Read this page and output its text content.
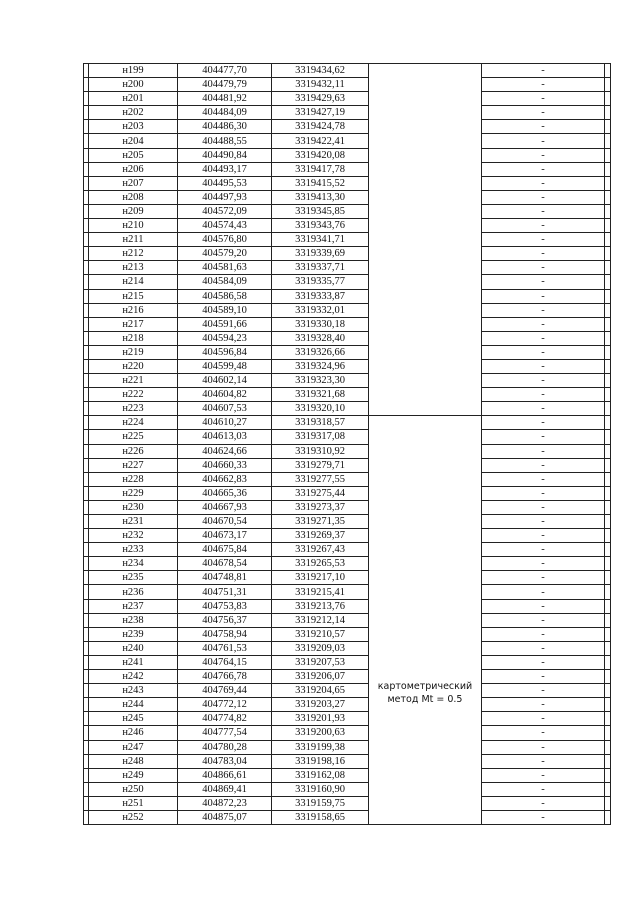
	н199	404477,70	3319434,62		-	
	н200	404479,79	3319432,11		-	
	н201	404481,92	3319429,63		-	
	н202	404484,09	3319427,19		-	
	н203	404486,30	3319424,78		-	
	н204	404488,55	3319422,41		-	
	н205	404490,84	3319420,08		-	
	н206	404493,17	3319417,78		-	
	н207	404495,53	3319415,52		-	
	н208	404497,93	3319413,30		-	
	н209	404572,09	3319345,85		-	
	н210	404574,43	3319343,76		-	
	н211	404576,80	3319341,71		-	
	н212	404579,20	3319339,69		-	
	н213	404581,63	3319337,71		-	
	н214	404584,09	3319335,77		-	
	н215	404586,58	3319333,87		-	
	н216	404589,10	3319332,01		-	
	н217	404591,66	3319330,18		-	
	н218	404594,23	3319328,40		-	
	н219	404596,84	3319326,66		-	
	н220	404599,48	3319324,96		-	
	н221	404602,14	3319323,30		-	
	н222	404604,82	3319321,68		-	
	н223	404607,53	3319320,10		-	
	н224	404610,27	3319318,57	картометрический
метод Mt = 0.5	-	
	н225	404613,03	3319317,08		-	
	н226	404624,66	3319310,92		-	
	н227	404660,33	3319279,71		-	
	н228	404662,83	3319277,55		-	
	н229	404665,36	3319275,44		-	
	н230	404667,93	3319273,37		-	
	н231	404670,54	3319271,35		-	
	н232	404673,17	3319269,37		-	
	н233	404675,84	3319267,43		-	
	н234	404678,54	3319265,53		-	
	н235	404748,81	3319217,10		-	
	н236	404751,31	3319215,41		-	
	н237	404753,83	3319213,76		-	
	н238	404756,37	3319212,14		-	
	н239	404758,94	3319210,57		-	
	н240	404761,53	3319209,03		-	
	н241	404764,15	3319207,53		-	
	н242	404766,78	3319206,07		-	
	н243	404769,44	3319204,65		-	
	н244	404772,12	3319203,27		-	
	н245	404774,82	3319201,93		-	
	н246	404777,54	3319200,63		-	
	н247	404780,28	3319199,38		-	
	н248	404783,04	3319198,16		-	
	н249	404866,61	3319162,08		-	
	н250	404869,41	3319160,90		-	
	н251	404872,23	3319159,75		-	
	н252	404875,07	3319158,65		-	
